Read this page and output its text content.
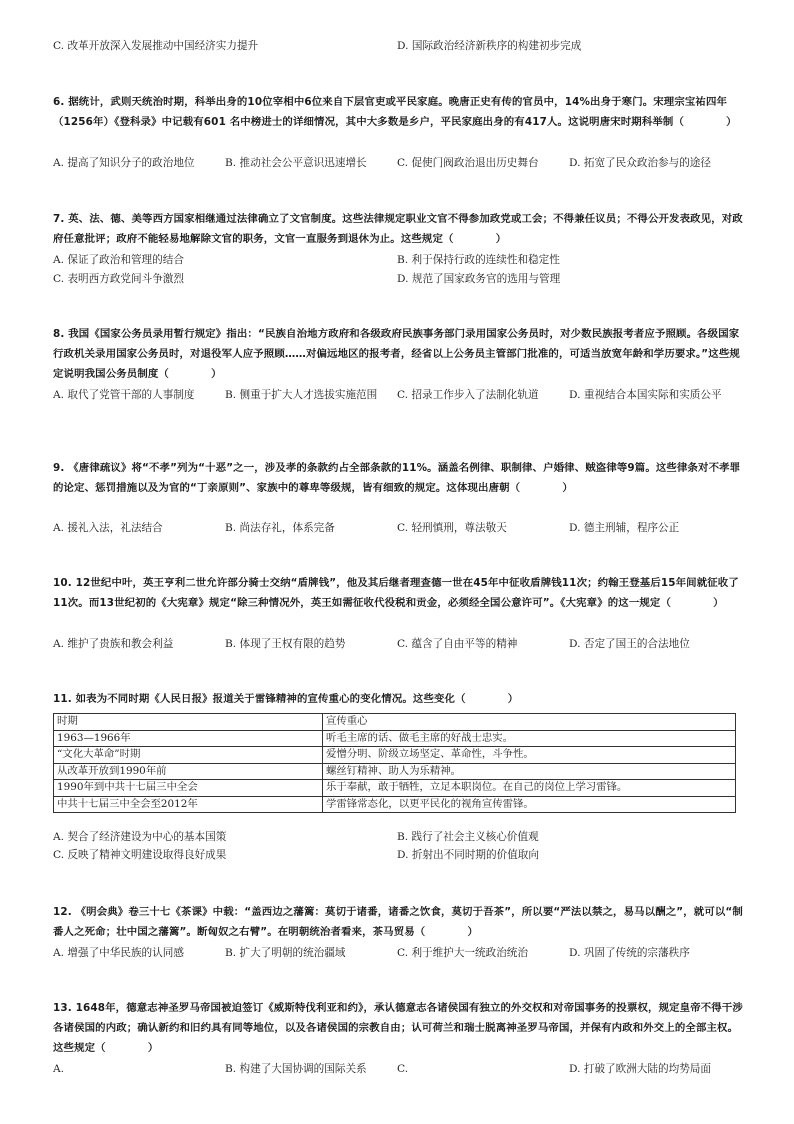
C. 改革开放深入发展推动中国经济实力提升	D. 国际政治经济新秩序的构建初步完成
6. 据统计，武则天统治时期，科举出身的10位宰相中6位来自下层官吏或平民家庭。晚唐正史有传的官员中，14%出身于寒门。宋理宗宝祐四年（1256年）《登科录》中记载有601 名中榜进士的详细情况，其中大多数是乡户，平民家庭出身的有417人。这说明唐宋时期科举制（　　　　）
A. 提高了知识分子的政治地位	B. 推动社会公平意识迅速增长	C. 促使门阀政治退出历史舞台	D. 拓宽了民众政治参与的途径
7. 英、法、德、美等西方国家相继通过法律确立了文官制度。这些法律规定职业文官不得参加政党或工会；不得兼任议员；不得公开发表政见，对政府任意批评；政府不能轻易地解除文官的职务，文官一直服务到退休为止。这些规定（　　　　）
A. 保证了政治和管理的结合	B. 利于保持行政的连续性和稳定性
C. 表明西方政党间斗争激烈	D. 规范了国家政务官的选用与管理
8. 我国《国家公务员录用暂行规定》指出：“民族自治地方政府和各级政府民族事务部门录用国家公务员时，对少数民族报考者应予照顾。各级国家行政机关录用国家公务员时，对退役军人应予照顾……对偏远地区的报考者，经省以上公务员主管部门批准的，可适当放宽年龄和学历要求。”这些规定说明我国公务员制度（　　　　）
A. 取代了党管干部的人事制度	B. 侧重于扩大人才选拔实施范围	C. 招录工作步入了法制化轨道	D. 重视结合本国实际和实质公平
9. 《唐律疏议》将“不孝”列为“十恶”之一，涉及孝的条款约占全部条款的11%。涵盖名例律、职制律、户婚律、贼盗律等9篇。这些律条对不孝罪的论定、惩罚措施以及为官的“丁亲原则”、家族中的尊卑等级规，皆有细致的规定。这体现出唐朝（　　　　）
A. 援礼入法，礼法结合	B. 尚法存礼，体系完备	C. 轻刑慎刑，尊法敬天	D. 德主刑辅，程序公正
10. 12世纪中叶，英王亨利二世允许部分骑士交纳“盾牌钱”，他及其后继者理查德一世在45年中征收盾牌钱11次；约翰王登基后15年间就征收了11次。而13世纪初的《大宪章》规定“除三种情况外，英王如需征收代役税和贡金，必须经全国公意许可”。《大宪章》的这一规定（　　　　）
A. 维护了贵族和教会利益	B. 体现了王权有限的趋势	C. 蕴含了自由平等的精神	D. 否定了国王的合法地位
11. 如表为不同时期《人民日报》报道关于雷锋精神的宣传重心的变化情况。这些变化（　　　　）
时期	宣传重心
1963—1966年	听毛主席的话、做毛主席的好战士忠实。
“文化大革命”时期	爱憎分明、阶级立场坚定、革命性，斗争性。
从改革开放到1990年前	螺丝钉精神、助人为乐精神。
1990年到中共十七届三中全会	乐于奉献，敢于牺牲，立足本职岗位。在自己的岗位上学习雷锋。
中共十七届三中全会至2012年	学雷锋常态化，以更平民化的视角宣传雷锋。
A. 契合了经济建设为中心的基本国策	B. 践行了社会主义核心价值观
C. 反映了精神文明建设取得良好成果	D. 折射出不同时期的价值取向
12. 《明会典》卷三十七《茶课》中载：“盖西边之藩篱：莫切于诸番，诸番之饮食，莫切于吾茶”，所以要“严法以禁之，易马以酬之”，就可以“制番人之死命；壮中国之藩篱”。断匈奴之右臂”。在明朝统治者看来，茶马贸易（　　　　）
A. 增强了中华民族的认同感	B. 扩大了明朝的统治疆域	C. 利于维护大一统政治统治	D. 巩固了传统的宗藩秩序
13. 1648年，德意志神圣罗马帝国被迫签订《威斯特伐利亚和约》，承认德意志各诸侯国有独立的外交权和对帝国事务的投票权，规定皇帝不得干涉各诸侯国的内政；确认新约和旧约具有同等地位，以及各诸侯国的宗教自由；认可荷兰和瑞士脱离神圣罗马帝国，并保有内政和外交上的全部主权。这些规定（　　　　）
A.	B. 构建了大国协调的国际关系	C.	D. 打破了欧洲大陆的均势局面
